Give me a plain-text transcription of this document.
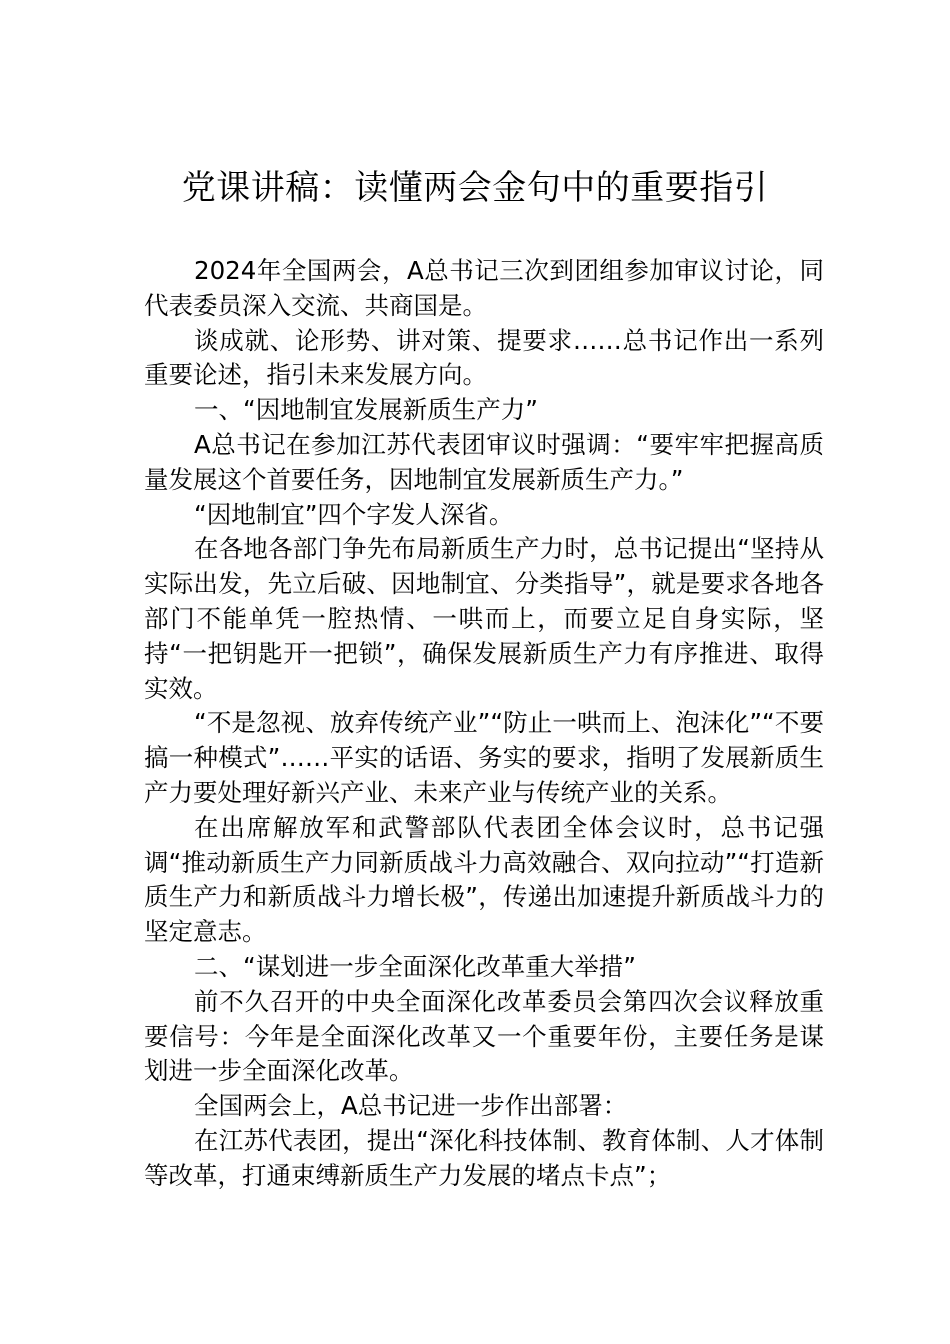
党课讲稿：读懂两会金句中的重要指引

2024年全国两会，A总书记三次到团组参加审议讨论，同代表委员深入交流、共商国是。

谈成就、论形势、讲对策、提要求……总书记作出一系列重要论述，指引未来发展方向。

一、“因地制宜发展新质生产力”

A总书记在参加江苏代表团审议时强调：“要牢牢把握高质量发展这个首要任务，因地制宜发展新质生产力。”

“因地制宜”四个字发人深省。

在各地各部门争先布局新质生产力时，总书记提出“坚持从实际出发，先立后破、因地制宜、分类指导”，就是要求各地各部门不能单凭一腔热情、一哄而上，而要立足自身实际，坚持“一把钥匙开一把锁”，确保发展新质生产力有序推进、取得实效。

“不是忽视、放弃传统产业”“防止一哄而上、泡沫化”“不要搞一种模式”……平实的话语、务实的要求，指明了发展新质生产力要处理好新兴产业、未来产业与传统产业的关系。

在出席解放军和武警部队代表团全体会议时，总书记强调“推动新质生产力同新质战斗力高效融合、双向拉动”“打造新质生产力和新质战斗力增长极”，传递出加速提升新质战斗力的坚定意志。

二、“谋划进一步全面深化改革重大举措”

前不久召开的中央全面深化改革委员会第四次会议释放重要信号：今年是全面深化改革又一个重要年份，主要任务是谋划进一步全面深化改革。

全国两会上，A总书记进一步作出部署：

在江苏代表团，提出“深化科技体制、教育体制、人才体制等改革，打通束缚新质生产力发展的堵点卡点”；
